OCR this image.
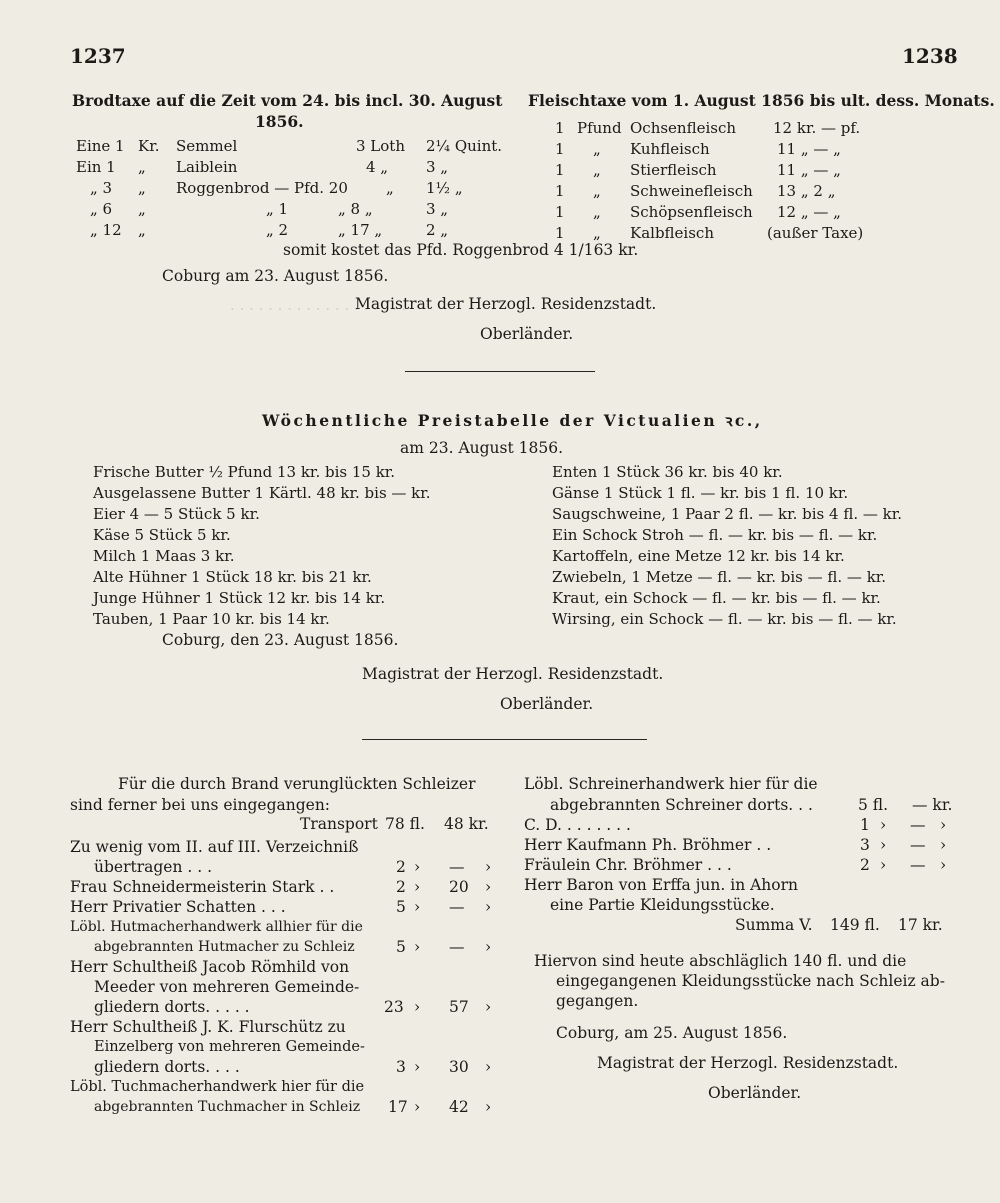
1237	1238
· · · · · · · · · · · · · · · · · · ·
Brodtaxe auf die Zeit vom 24. bis incl. 30. August
1856.
Eine 1 Kr. Semmel	3 Loth 2¼ Quint.
Ein 1 „ Laiblein	4 „	3 „
„ 3 „ Roggenbrod — Pfd. 20	„ 1½ „
„ 6 „	„ 1	„ 8 „	3 „
„ 12 „	„ 2	„ 17 „	2 „
somit kostet das Pfd. Roggenbrod 4 1/163 kr.
Coburg am 23. August 1856.
Magistrat der Herzogl. Residenzstadt.
Oberländer.
Fleischtaxe vom 1. August 1856 bis ult. dess. Monats.
1 Pfund Ochsenfleisch 12 kr. — pf.
1 „ Kuhfleisch	11 „ — „
1 „ Stierfleisch	11 „ — „
1 „ Schweinefleisch 13 „ 2 „
1 „ Schöpsenfleisch 12 „ — „
1 „ Kalbfleisch	(außer Taxe)
Wöchentliche Preistabelle der Victualien ꝛc.,
am 23. August 1856.
Frische Butter ½ Pfund 13 kr. bis 15 kr.
Ausgelassene Butter 1 Kärtl. 48 kr. bis — kr.
Eier 4 — 5 Stück 5 kr.
Käse 5 Stück 5 kr.
Milch 1 Maas 3 kr.
Alte Hühner 1 Stück 18 kr. bis 21 kr.
Junge Hühner 1 Stück 12 kr. bis 14 kr.
Tauben, 1 Paar 10 kr. bis 14 kr.
Enten 1 Stück 36 kr. bis 40 kr.
Gänse 1 Stück 1 fl. — kr. bis 1 fl. 10 kr.
Saugschweine, 1 Paar 2 fl. — kr. bis 4 fl. — kr.
Ein Schock Stroh — fl. — kr. bis — fl. — kr.
Kartoffeln, eine Metze 12 kr. bis 14 kr.
Zwiebeln, 1 Metze — fl. — kr. bis — fl. — kr.
Kraut, ein Schock — fl. — kr. bis — fl. — kr.
Wirsing, ein Schock — fl. — kr. bis — fl. — kr.
Coburg, den 23. August 1856.
Magistrat der Herzogl. Residenzstadt.
Oberländer.
Für die durch Brand verunglückten Schleizer
sind ferner bei uns eingegangen:
Transport 78 fl. 48 kr.
Zu wenig vom II. auf III. Verzeichniß
übertragen . . .	2 › — ›
Frau Schneidermeisterin Stark . .	2 › 20 ›
Herr Privatier Schatten . . .	5 › — ›
Löbl. Hutmacherhandwerk allhier für die
abgebrannten Hutmacher zu Schleiz	5 › — ›
Herr Schultheiß Jacob Römhild von
Meeder von mehreren Gemeinde-
gliedern dorts. . . . .	23 › 57 ›
Herr Schultheiß J. K. Flurschütz zu
Einzelberg von mehreren Gemeinde-
gliedern dorts. . . .	3 › 30 ›
Löbl. Tuchmacherhandwerk hier für die
abgebrannten Tuchmacher in Schleiz 17 › 42 ›
Löbl. Schreinerhandwerk hier für die
abgebrannten Schreiner dorts. . .	5 fl. — kr.
C. D. . . . . . . .	1 › — ›
Herr Kaufmann Ph. Bröhmer . .	3 › — ›
Fräulein Chr. Bröhmer . . .	2 › — ›
Herr Baron von Erffa jun. in Ahorn
eine Partie Kleidungsstücke.
Summa V. 149 fl. 17 kr.
Hiervon sind heute abschläglich 140 fl. und die
eingegangenen Kleidungsstücke nach Schleiz ab-
gegangen.
Coburg, am 25. August 1856.
Magistrat der Herzogl. Residenzstadt.
Oberländer.
